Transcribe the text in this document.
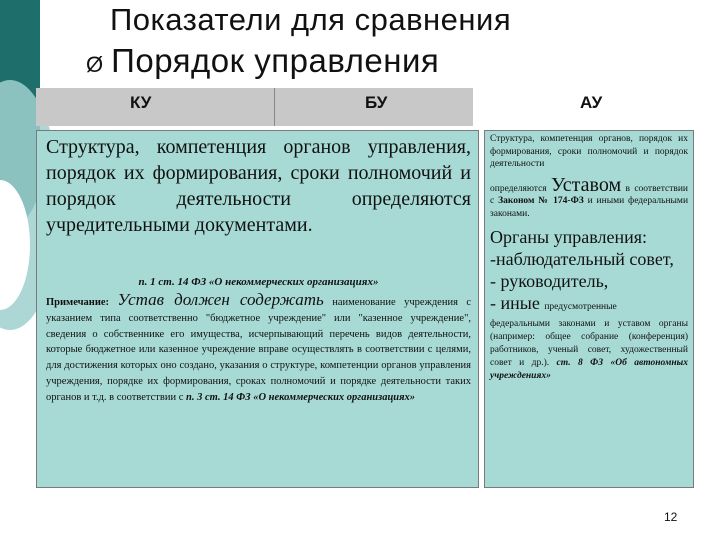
Показатели для сравнения
Ø Порядок управления
КУ	БУ	АУ
Структура, компетенция органов управления, порядок их формирования, сроки полномочий и порядок деятельности определяются учредительными документами.
п. 1 ст. 14 ФЗ «О некоммерческих организациях»
Примечание: Устав должен содержать наименование учреждения с указанием типа соответственно "бюджетное учреждение" или "казенное учреждение", сведения о собственнике его имущества, исчерпывающий перечень видов деятельности, которые бюджетное или казенное учреждение вправе осуществлять в соответствии с целями, для достижения которых оно создано, указания о структуре, компетенции органов управления учреждения, порядке их формирования, сроках полномочий и порядке деятельности таких органов и т.д. в соответствии с п. 3 ст. 14 ФЗ «О некоммерческих организациях»
Структура, компетенция органов, порядок их формирования, сроки полномочий и порядок деятельности
определяются Уставом в соответствии с Законом № 174-ФЗ и иными федеральными законами.
Органы управления:
-наблюдательный совет,
- руководитель,
- иные предусмотренные
федеральными законами и уставом органы (например: общее собрание (конференция) работников, ученый совет, художественный совет и др.). ст. 8 ФЗ «Об автономных учреждениях»
12
